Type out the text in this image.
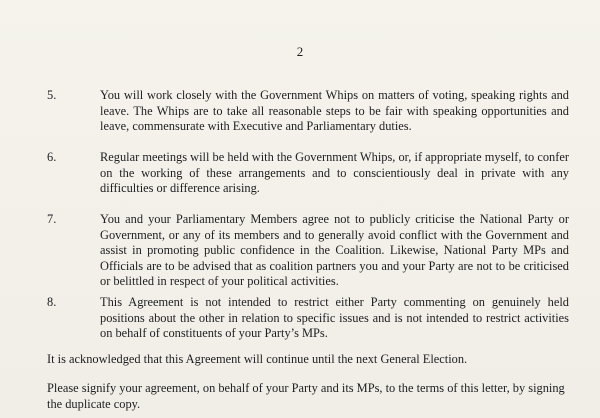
2
5.	You will work closely with the Government Whips on matters of voting, speaking rights and leave. The Whips are to take all reasonable steps to be fair with speaking opportunities and leave, commensurate with Executive and Parliamentary duties.
6.	Regular meetings will be held with the Government Whips, or, if appropriate myself, to confer on the working of these arrangements and to conscientiously deal in private with any difficulties or difference arising.
7.	You and your Parliamentary Members agree not to publicly criticise the National Party or Government, or any of its members and to generally avoid conflict with the Government and assist in promoting public confidence in the Coalition. Likewise, National Party MPs and Officials are to be advised that as coalition partners you and your Party are not to be criticised or belittled in respect of your political activities.
8.	This Agreement is not intended to restrict either Party commenting on genuinely held positions about the other in relation to specific issues and is not intended to restrict activities on behalf of constituents of your Party’s MPs.
It is acknowledged that this Agreement will continue until the next General Election.
Please signify your agreement, on behalf of your Party and its MPs, to the terms of this letter, by signing the duplicate copy.
